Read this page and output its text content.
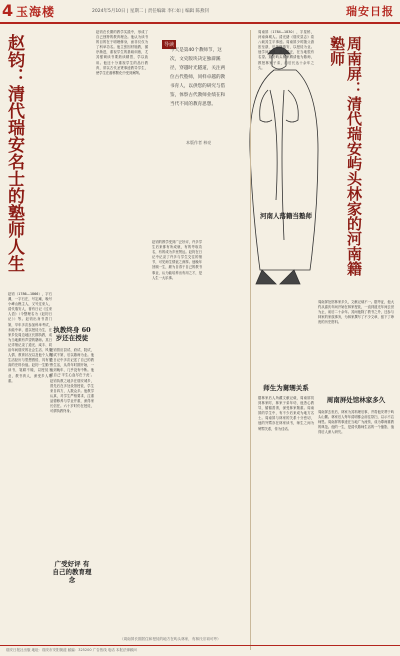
4 玉海楼	2024年5月10日 | 星期二 | 责任编辑 李仁如 | 编辑 陈燕钊	瑞安日报
赵钧：清代瑞安名士的塾师人生
赵钧（1786—1866），字石渊，一字石庄，号定庵，晚号小峰山樵主人，又号过来人，清代瑞安人，著有日记《过来人语》（今整理名为《赵钧日记》）等。赵钧出身书香门第，早年多次参加科举考试，未能中举，遂以授徒为生，在家乡及周边地区长期执教，成为当地颇有声望的塾师。其日记详细记录了道光、咸丰、同治年间瑞安的社会生活、风俗人情、教育状况以及他个人的生活经历与思想感悟，具有很高的史料价值。赵钧一生勤于读书，笔耕不辍，以授徒为业，教书育人，深受乡人敬重。
执教终身 60岁还在授徒
赵钧曾应县试、府试、院试，屡试不第，后以塾师为业。他在日记中多次记述了自己的教书生活，从青年时期开始，一直到晚年，几乎没有中断。他说自己‘半生心血尽在于此’。赵钧执教之地多在瑞安城乡，曾先后在多处设馆授徒，学生来自四方，人数众多。他教学认真，对学生严格要求，注重品德修养与学业并重，深得家长信任。六十岁时仍在授徒，可谓执教终身。
广受好评 有自己的教育理念
赵钧在长期的教学实践中，形成了自己独特的教育理念。他认为读书的目的在于明理修身，而非仅仅为了科举功名。他主张因材施教，循序渐进，重视学生的基础训练，尤其强调读书要熟读精思，学以致用。他还十分重视学生的品行教育，常以古代圣贤事迹教导学生，使学生在潜移默化中受到熏陶。
赵钧的教学受到广泛好评，许多学生后来都有所成就，有的考取功名，有的成为乡里贤达。赵钧在日记中记录了许多与学生交往的细节，可见师生情谊之深厚。他晚年回顾一生，颇为自得于自己的教书事业，认为能培养出有用之才，是人生一大乐事。
导读
今天是第40个教师节，这次，文史版块决定独辟蹊径，穿越时光隧道，关注两位古代塾师，同样卓越的教书育人，以供您的研究与借鉴，体察古代教师业绩在和当代不同的教育思想。
本版作者 林亮
周南屏（1784—1830），字星桥，河南商城人。清光绪《瑞安县志》卷八载其生平事迹。周南屏少时随父游宦至浙，后落籍瑞安，以授徒为业。他学问渊博，品行端正，在当地很有名望。瑞安屿头林家聘请他为塾师，教授林家子弟，前后长达十余年之久。
河南人落籍当塾师	周南屏：清代瑞安屿头林家的河南籍塾师
据林家后人所藏文献记载，周南屏初到林家时，林家子弟年幼，他悉心教导，循循善诱，深受林家敬重。周南屏的学生中，有不少后来成为地方名士。周南屏与林家的关系十分密切，他的外甥亦在林家读书，师生之间为舅甥关系，传为佳话。
师生为舅甥关系
周南屏处馆林家多久，文献记载不一。据考证，他大约从嘉庆年间开始在林家授徒，一直到道光年间去世为止，前后二十余年。其间他除了教书之外，还参与林家的家族事务，为林家撰写了不少文章，留下了珍贵的历史资料。
周南屏处馆林家多久
周南屏去世后，林家为其料理后事，并将他安葬于屿头山麓。林家后人每年清明都会前往祭扫，以示不忘师恩。周南屏的事迹在当地广为流传，成为尊师重教的典范。他的一生，是清代塾师生活的一个缩影，值得后人深入研究。
（周南屏长期居住和授徒的地方在屿头林家，有林氏宗祠可考）
瑞安日报社出版 地址：瑞安市安阳街道 邮编：325200 广告热线 电话 本报法律顾问
